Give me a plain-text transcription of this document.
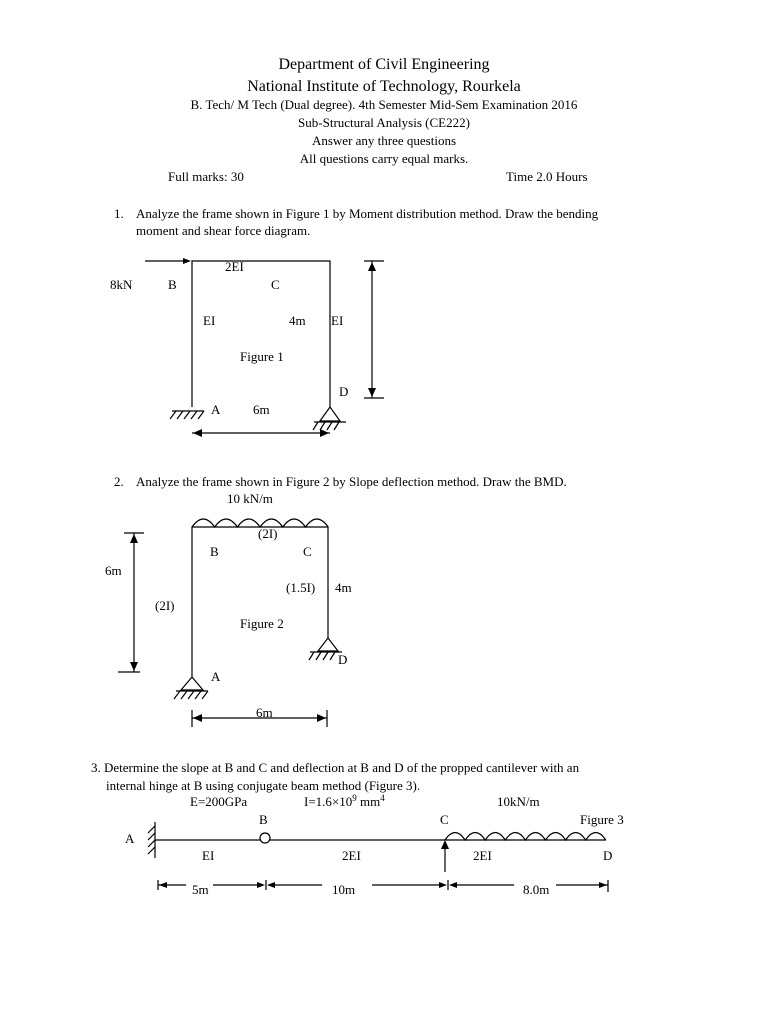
Department of Civil Engineering
National Institute of Technology, Rourkela
B. Tech/ M Tech (Dual degree). 4th Semester Mid-Sem Examination 2016
Sub-Structural Analysis (CE222)
Answer any three questions
All questions carry equal marks.
Full marks: 30	Time 2.0 Hours
1. Analyze the frame shown in Figure 1 by Moment distribution method. Draw the bending
moment and shear force diagram.
8kN	B
2EI
C
EI	4m EI
Figure 1
D
A	6m
2. Analyze the frame shown in Figure 2 by Slope deflection method. Draw the BMD.
10 kN/m
(2I)
B	C
6m
(1.5I) 4m
(2I)
Figure 2
D
A
6m
3. Determine the slope at B and C and deflection at B and D of the propped cantilever with an
internal hinge at B using conjugate beam method (Figure 3).
E=200GPa	$I=1.6\times 10^9$ $mm^4$	10kN/m
B	C	Figure 3
A
EI	2EI	2EI	D
5m	10m	8.0m
